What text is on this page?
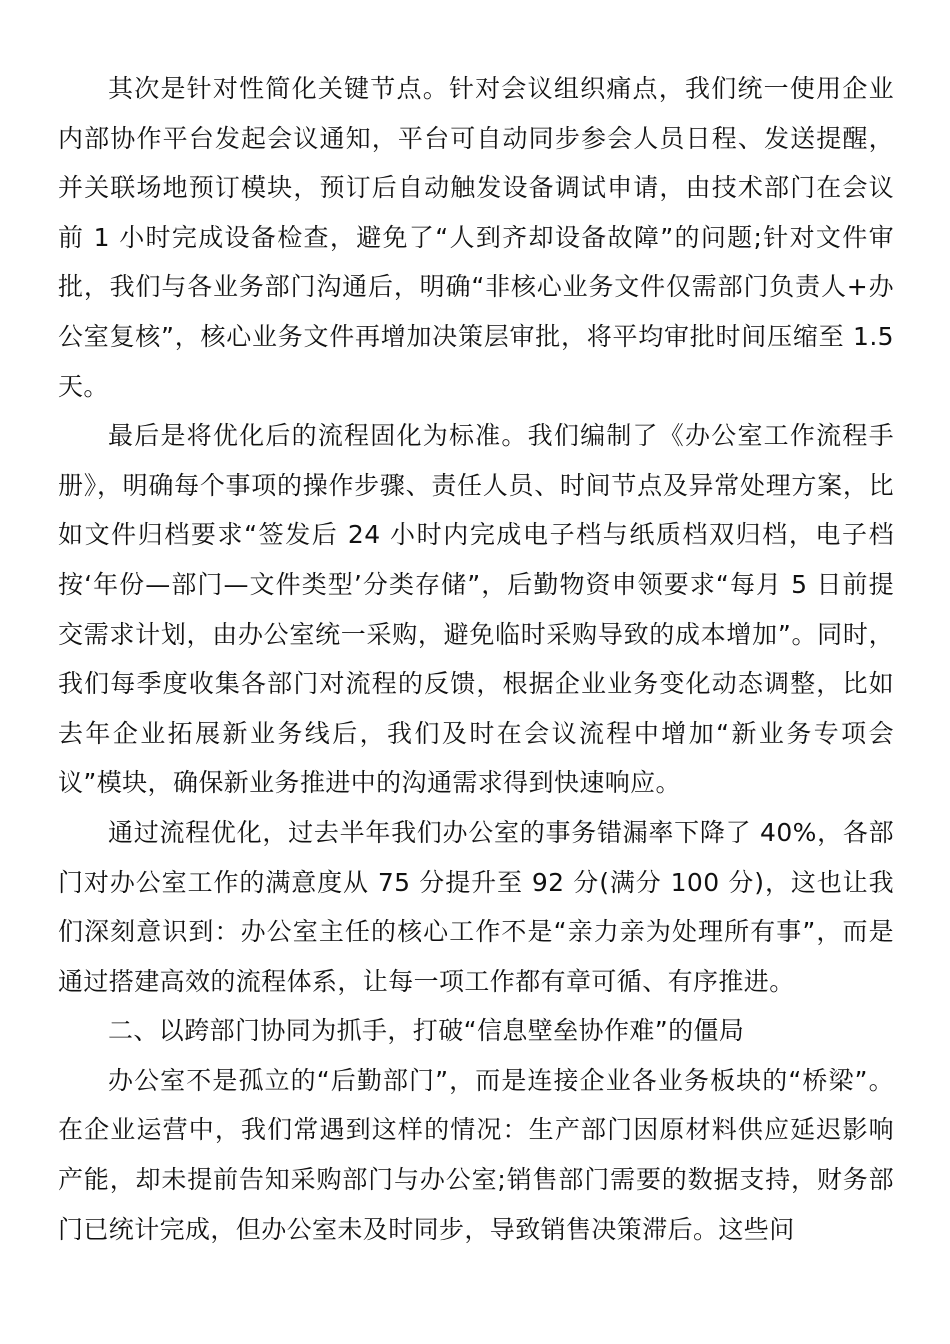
其次是针对性简化关键节点。针对会议组织痛点，我们统一使用企业内部协作平台发起会议通知，平台可自动同步参会人员日程、发送提醒，并关联场地预订模块，预订后自动触发设备调试申请，由技术部门在会议前 1 小时完成设备检查，避免了“人到齐却设备故障”的问题;针对文件审批，我们与各业务部门沟通后，明确“非核心业务文件仅需部门负责人+办公室复核”，核心业务文件再增加决策层审批，将平均审批时间压缩至 1.5 天。

最后是将优化后的流程固化为标准。我们编制了《办公室工作流程手册》，明确每个事项的操作步骤、责任人员、时间节点及异常处理方案，比如文件归档要求“签发后 24 小时内完成电子档与纸质档双归档，电子档按‘年份—部门—文件类型’分类存储”，后勤物资申领要求“每月 5 日前提交需求计划，由办公室统一采购，避免临时采购导致的成本增加”。同时，我们每季度收集各部门对流程的反馈，根据企业业务变化动态调整，比如去年企业拓展新业务线后，我们及时在会议流程中增加“新业务专项会议”模块，确保新业务推进中的沟通需求得到快速响应。

通过流程优化，过去半年我们办公室的事务错漏率下降了 40%，各部门对办公室工作的满意度从 75 分提升至 92 分(满分 100 分)，这也让我们深刻意识到：办公室主任的核心工作不是“亲力亲为处理所有事”，而是通过搭建高效的流程体系，让每一项工作都有章可循、有序推进。

二、以跨部门协同为抓手，打破“信息壁垒协作难”的僵局

办公室不是孤立的“后勤部门”，而是连接企业各业务板块的“桥梁”。在企业运营中，我们常遇到这样的情况：生产部门因原材料供应延迟影响产能，却未提前告知采购部门与办公室;销售部门需要的数据支持，财务部门已统计完成，但办公室未及时同步，导致销售决策滞后。这些问
